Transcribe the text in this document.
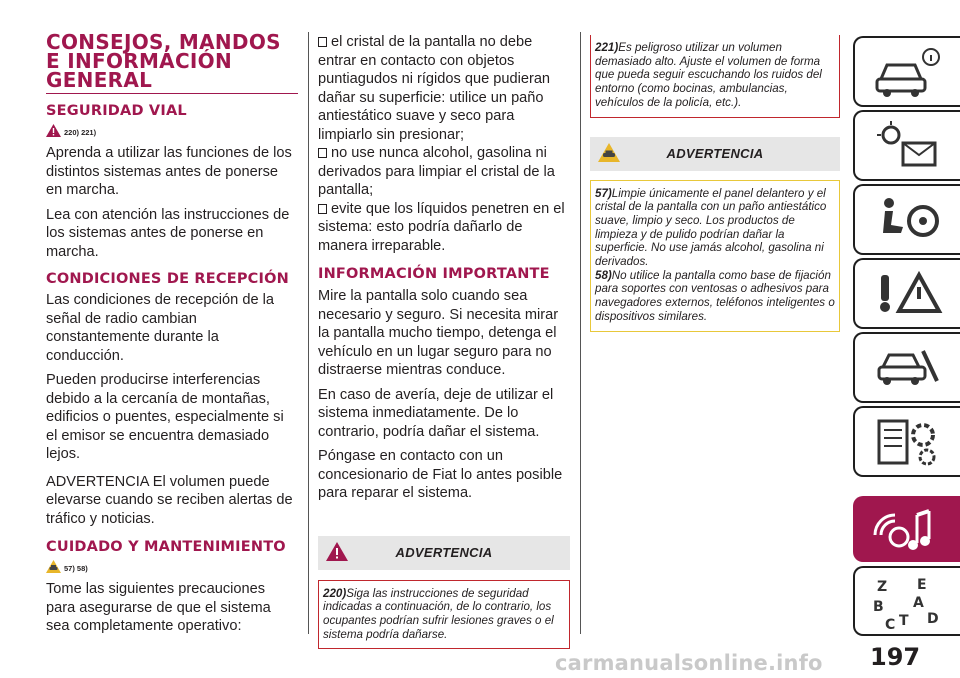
CONSEJOS, MANDOS E INFORMACIÓN GENERAL
SEGURIDAD VIAL
220) 221)

Aprenda a utilizar las funciones de los distintos sistemas antes de ponerse en marcha.

Lea con atención las instrucciones de los sistemas antes de ponerse en marcha.

CONDICIONES DE RECEPCIÓN

Las condiciones de recepción de la señal de radio cambian constantemente durante la conducción.

Pueden producirse interferencias debido a la cercanía de montañas, edificios o puentes, especialmente si el emisor se encuentra demasiado lejos.

ADVERTENCIA El volumen puede elevarse cuando se reciben alertas de tráfico y noticias.

CUIDADO Y MANTENIMIENTO
57) 58)

Tome las siguientes precauciones para asegurarse de que el sistema sea completamente operativo:

el cristal de la pantalla no debe entrar en contacto con objetos puntiagudos ni rígidos que pudieran dañar su superficie: utilice un paño antiestático suave y seco para limpiarlo sin presionar;

no use nunca alcohol, gasolina ni derivados para limpiar el cristal de la pantalla;

evite que los líquidos penetren en el sistema: esto podría dañarlo de manera irreparable.

INFORMACIÓN IMPORTANTE

Mire la pantalla solo cuando sea necesario y seguro. Si necesita mirar la pantalla mucho tiempo, detenga el vehículo en un lugar seguro para no distraerse mientras conduce.

En caso de avería, deje de utilizar el sistema inmediatamente. De lo contrario, podría dañar el sistema.

Póngase en contacto con un concesionario de Fiat lo antes posible para reparar el sistema.

ADVERTENCIA

220)Siga las instrucciones de seguridad indicadas a continuación, de lo contrario, los ocupantes podrían sufrir lesiones graves o el sistema podría dañarse.

221)Es peligroso utilizar un volumen demasiado alto. Ajuste el volumen de forma que pueda seguir escuchando los ruidos del entorno (como bocinas, ambulancias, vehículos de la policía, etc.).

ADVERTENCIA

57)Limpie únicamente el panel delantero y el cristal de la pantalla con un paño antiestático suave, limpio y seco. Los productos de limpieza y de pulido podrían dañar la superficie. No use jamás alcohol, gasolina ni derivados.

58)No utilice la pantalla como base de fijación para soportes con ventosas o adhesivos para navegadores externos, teléfonos inteligentes o dispositivos similares.

Z E
A
B
C T D
carmanualsonline.info 197
